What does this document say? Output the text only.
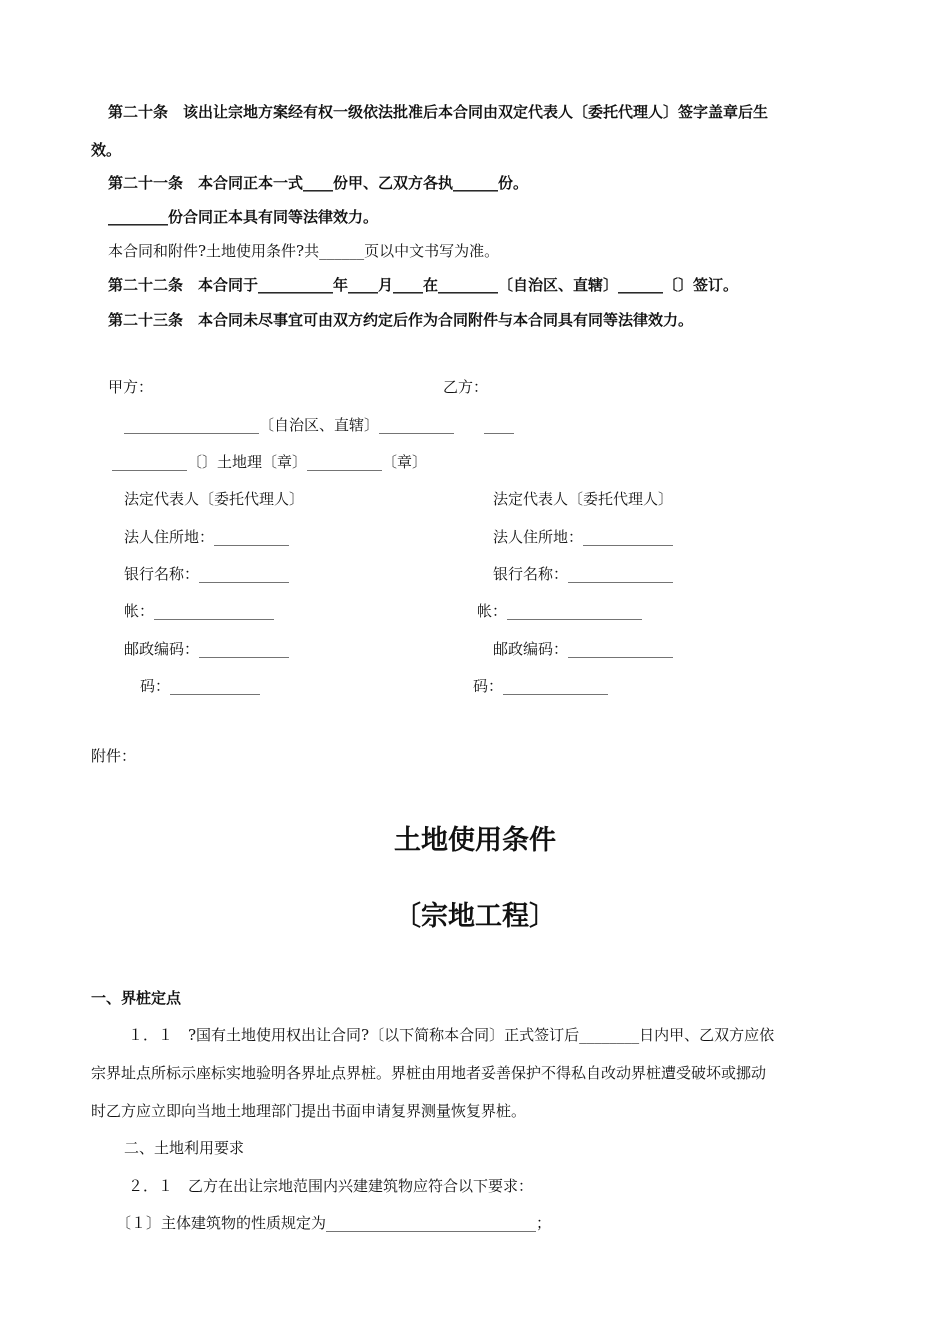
第二十条　该出让宗地方案经有权一级依法批准后本合同由双定代表人〔委托代理人〕签字盖章后生
效。
第二十一条　本合同正本一式____份甲、乙双方各执______份。
________份合同正本具有同等法律效力。
本合同和附件?土地使用条件?共______页以中文书写为准。
第二十二条　本合同于__________年____月____在________〔自治区、直辖〕______〔〕签订。
第二十三条　本合同未尽事宜可由双方约定后作为合同附件与本合同具有同等法律效力。
甲方：	乙方：
__________________〔自治区、直辖〕__________　　____
__________〔〕土地理〔章〕__________〔章〕
法定代表人〔委托代理人〕	法定代表人〔委托代理人〕
法人住所地：__________	法人住所地：____________
银行名称：____________	银行名称：______________
帐：________________	帐：__________________
邮政编码：____________	邮政编码：______________
码：____________	码：______________
附件：
土地使用条件
〔宗地工程〕
一、界桩定点
１．１　?国有土地使用权出让合同?〔以下简称本合同〕正式签订后________日内甲、乙双方应依
宗界址点所标示座标实地验明各界址点界桩。界桩由用地者妥善保护不得私自改动界桩遭受破坏或挪动
时乙方应立即向当地土地理部门提出书面申请复界测量恢复界桩。
二、土地利用要求
２．１　乙方在出让宗地范围内兴建建筑物应符合以下要求：
〔１〕主体建筑物的性质规定为____________________________；
